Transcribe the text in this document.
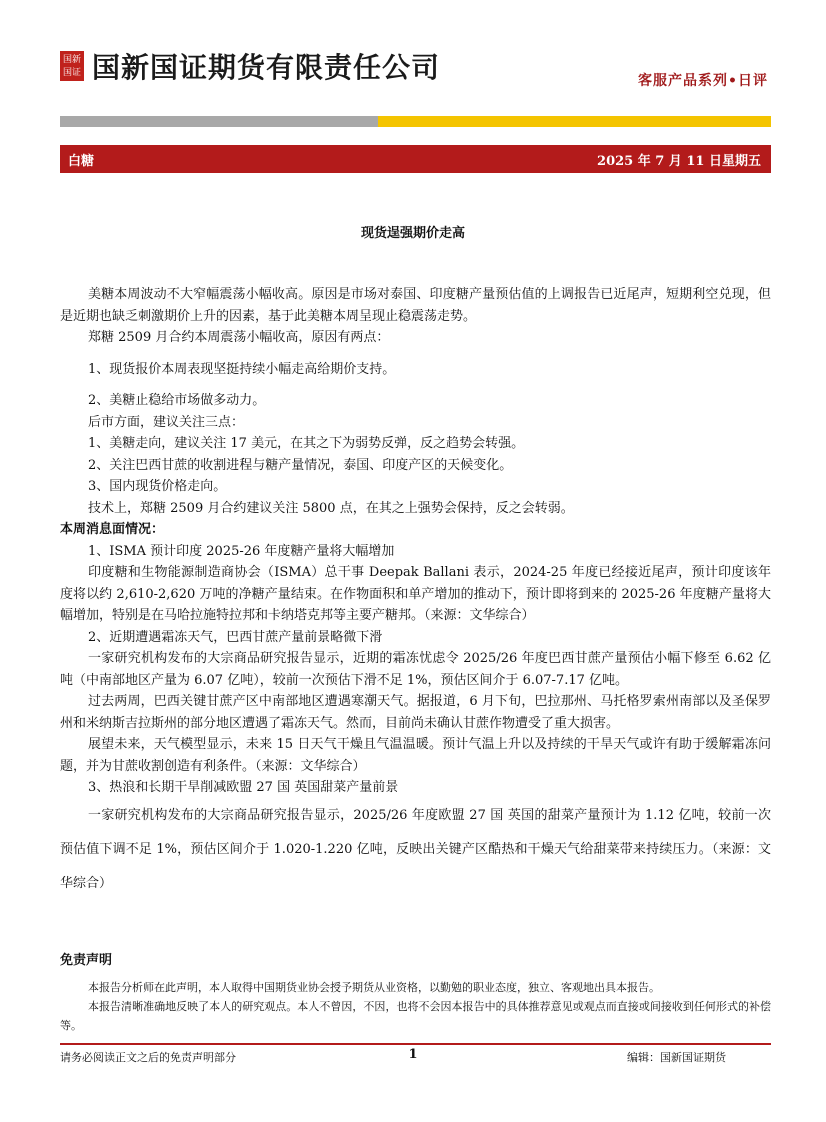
国 新
国 证 国新国证期货有限责任公司	客服产品系列•日评
白糖	2025 年 7 月 11 日星期五
现货逞强期价走高

美糖本周波动不大窄幅震荡小幅收高。原因是市场对泰国、印度糖产量预估值的上调报告已近尾声，短期利空兑现，但是近期也缺乏刺激期价上升的因素，基于此美糖本周呈现止稳震荡走势。

郑糖 2509 月合约本周震荡小幅收高，原因有两点：

1、现货报价本周表现坚挺持续小幅走高给期价支持。

2、美糖止稳给市场做多动力。

后市方面，建议关注三点：

1、美糖走向，建议关注 17 美元，在其之下为弱势反弹，反之趋势会转强。

2、关注巴西甘蔗的收割进程与糖产量情况，泰国、印度产区的天候变化。

3、国内现货价格走向。

技术上，郑糖 2509 月合约建议关注 5800 点，在其之上强势会保持，反之会转弱。

本周消息面情况：

1、ISMA 预计印度 2025-26 年度糖产量将大幅增加

印度糖和生物能源制造商协会（ISMA）总干事 Deepak Ballani 表示，2024-25 年度已经接近尾声，预计印度该年度将以约 2,610-2,620 万吨的净糖产量结束。在作物面积和单产增加的推动下，预计即将到来的 2025-26 年度糖产量将大幅增加，特别是在马哈拉施特拉邦和卡纳塔克邦等主要产糖邦。（来源：文华综合）

2、近期遭遇霜冻天气，巴西甘蔗产量前景略微下滑

一家研究机构发布的大宗商品研究报告显示，近期的霜冻忧虑令 2025/26 年度巴西甘蔗产量预估小幅下修至 6.62 亿吨（中南部地区产量为 6.07 亿吨），较前一次预估下滑不足 1%，预估区间介于 6.07-7.17 亿吨。

过去两周，巴西关键甘蔗产区中南部地区遭遇寒潮天气。据报道，6 月下旬，巴拉那州、马托格罗索州南部以及圣保罗州和米纳斯吉拉斯州的部分地区遭遇了霜冻天气。然而，目前尚未确认甘蔗作物遭受了重大损害。

展望未来，天气模型显示，未来 15 日天气干燥且气温温暖。预计气温上升以及持续的干旱天气或许有助于缓解霜冻问题，并为甘蔗收割创造有利条件。（来源：文华综合）

3、热浪和长期干旱削减欧盟 27 国 英国甜菜产量前景

一家研究机构发布的大宗商品研究报告显示，2025/26 年度欧盟 27 国 英国的甜菜产量预计为 1.12 亿吨，较前一次预估值下调不足 1%，预估区间介于 1.020-1.220 亿吨，反映出关键产区酷热和干燥天气给甜菜带来持续压力。（来源：文华综合）

免责声明

本报告分析师在此声明，本人取得中国期货业协会授予期货从业资格，以勤勉的职业态度，独立、客观地出具本报告。

本报告清晰准确地反映了本人的研究观点。本人不曾因，不因，也将不会因本报告中的具体推荐意见或观点而直接或间接收到任何形式的补偿等。

请务必阅读正文之后的免责声明部分	1	编辑：国新国证期货
